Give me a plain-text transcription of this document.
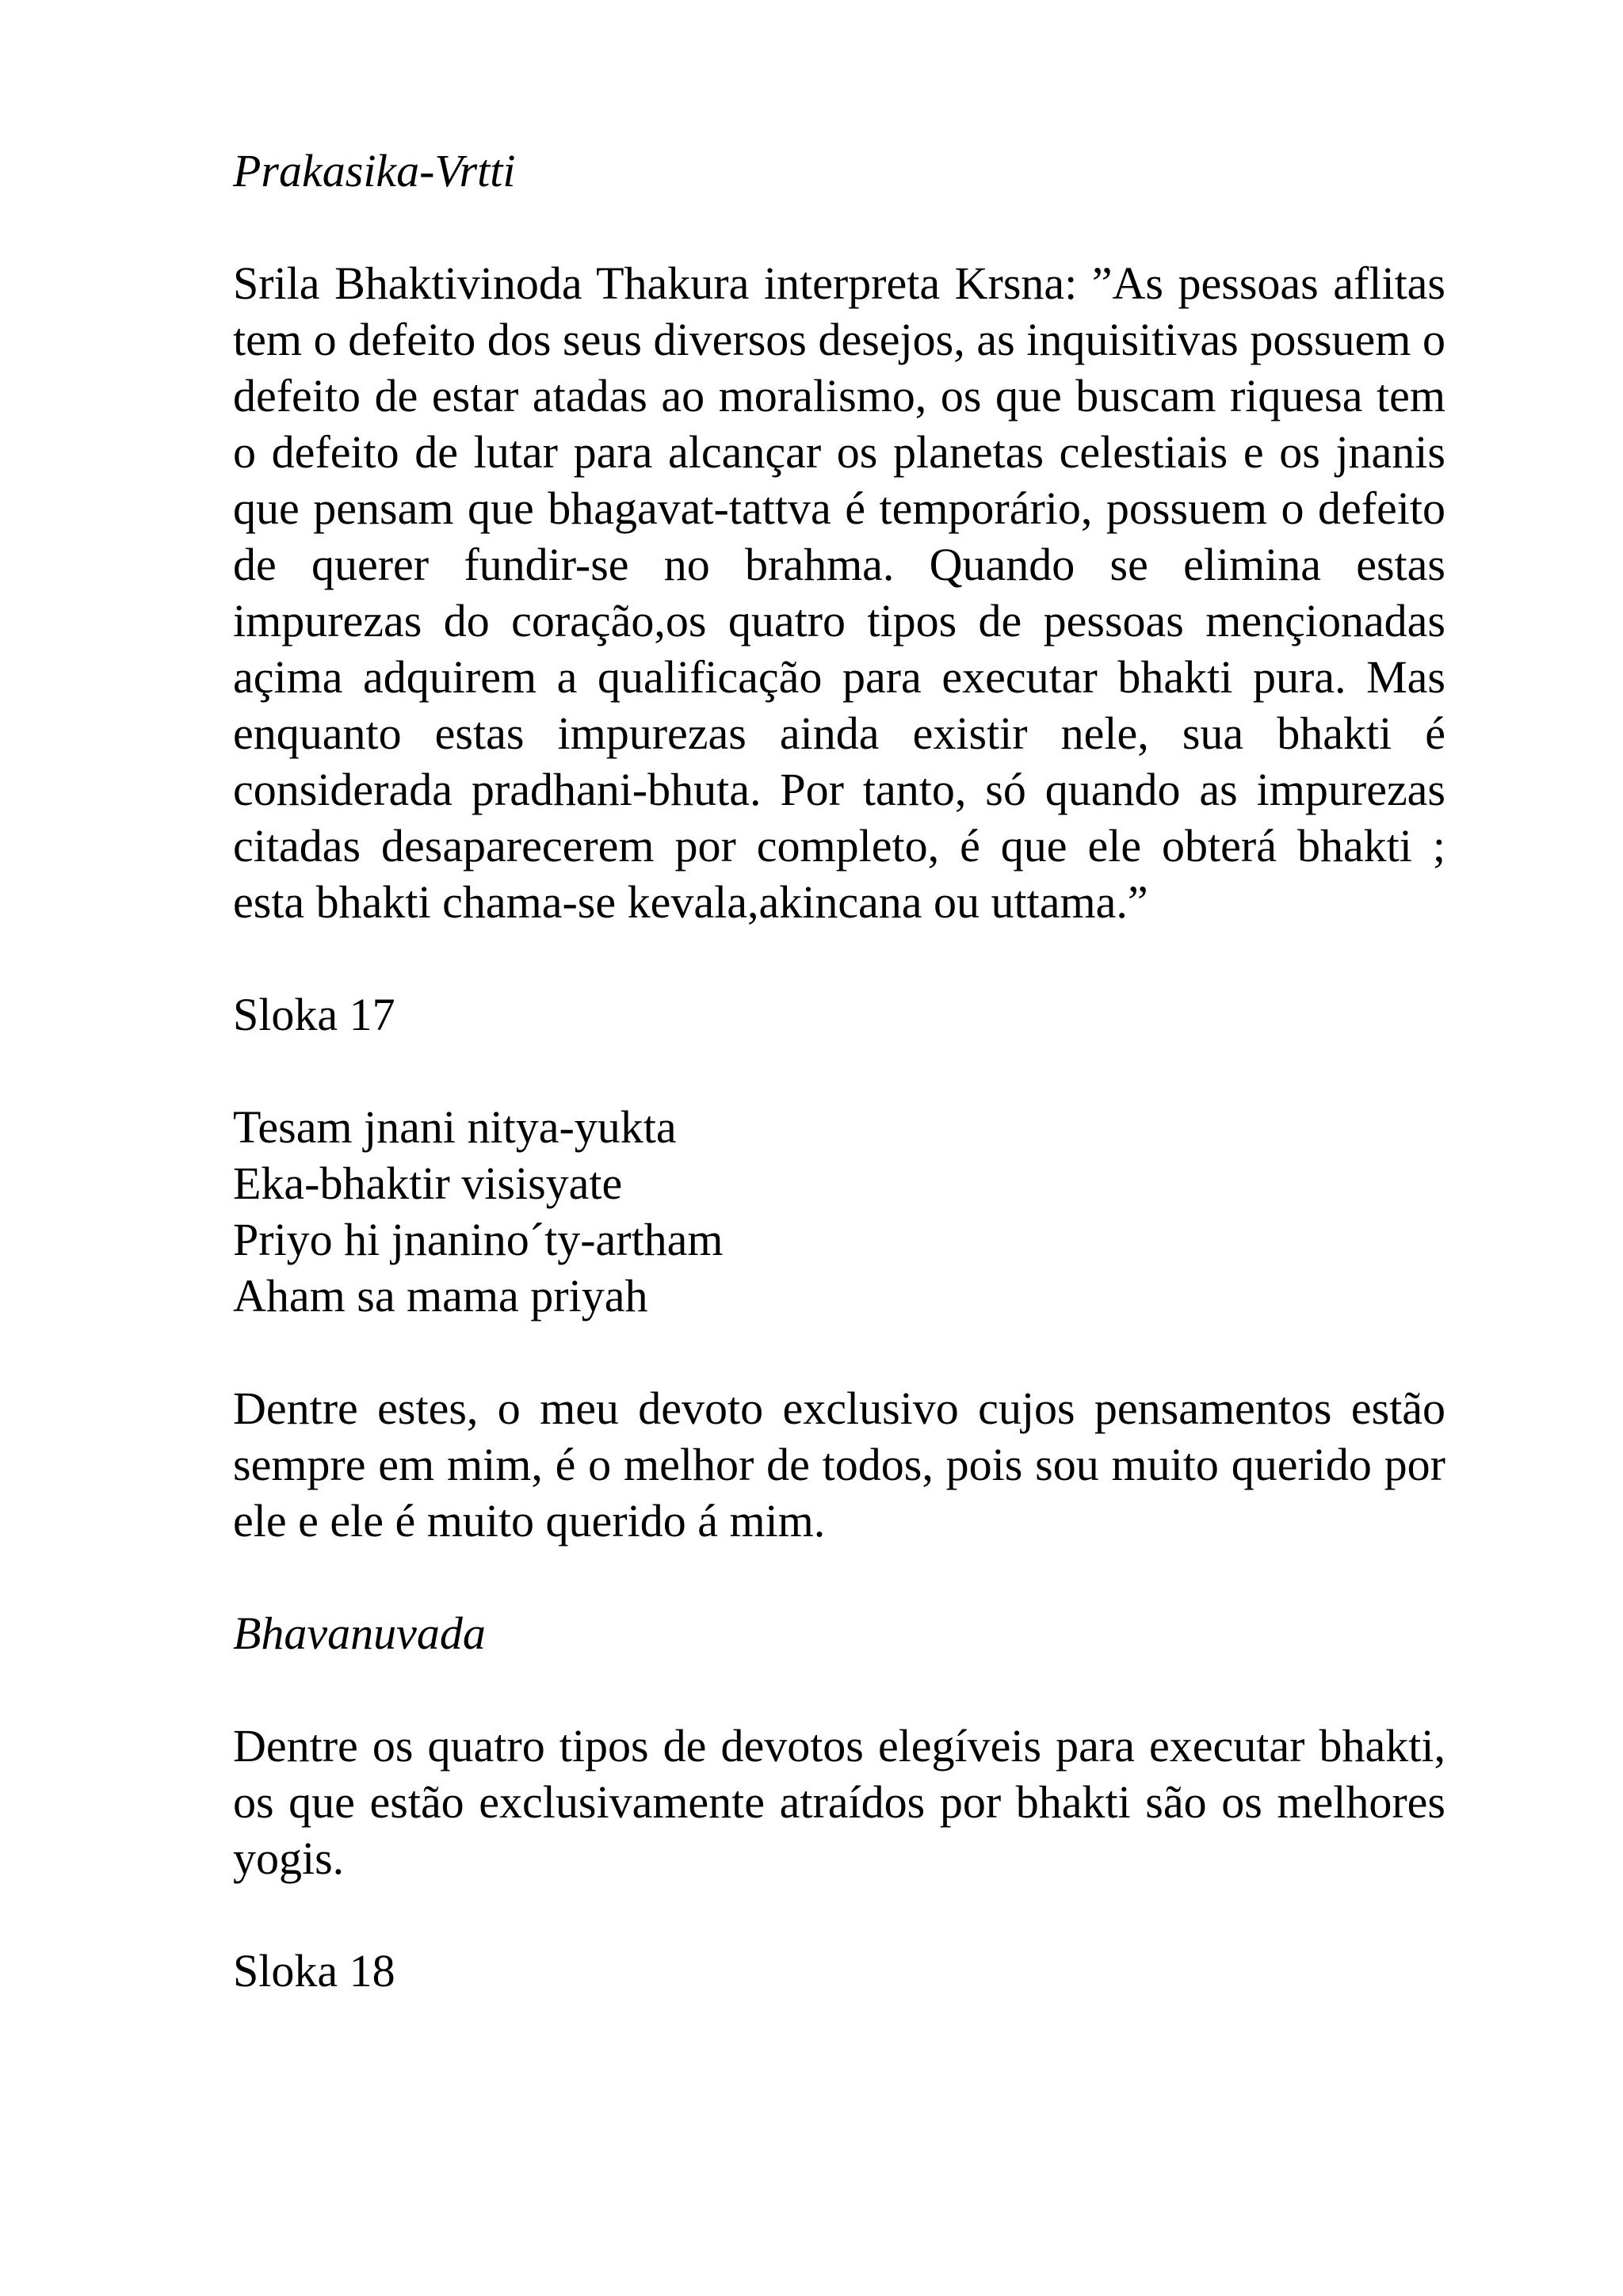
Prakasika-Vrtti

Srila Bhaktivinoda Thakura interpreta Krsna: ”As pessoas aflitas tem o defeito dos seus diversos desejos, as inquisitivas possuem o defeito de estar atadas ao moralismo, os que buscam riquesa tem o defeito de lutar para alcançar os planetas celestiais e os jnanis que pensam que bhagavat-tattva é temporário, possuem o defeito de querer fundir-se no brahma. Quando se elimina estas impurezas do coração,os quatro tipos de pessoas mençionadas açima adquirem a qualificação para executar bhakti pura. Mas enquanto estas impurezas ainda existir nele, sua bhakti é considerada pradhani-bhuta. Por tanto, só quando as impurezas citadas desaparecerem por completo, é que ele obterá bhakti ; esta bhakti chama-se kevala,akincana ou uttama.”

Sloka 17

Tesam jnani nitya-yukta

Eka-bhaktir visisyate

Priyo hi jnanino´ty-artham

Aham sa mama priyah

Dentre estes, o meu devoto exclusivo cujos pensamentos estão sempre em mim, é o melhor de todos, pois sou muito querido por ele e ele é muito querido á mim.

Bhavanuvada

Dentre os quatro tipos de devotos elegíveis para executar bhakti, os que estão exclusivamente atraídos por bhakti são os melhores yogis.

Sloka 18
